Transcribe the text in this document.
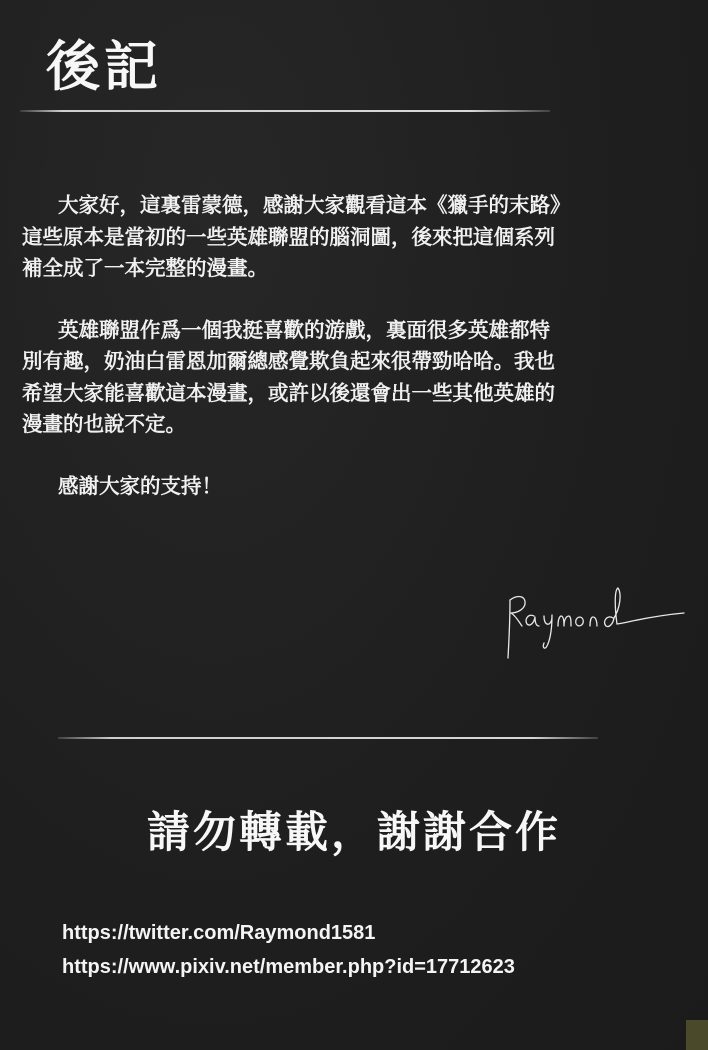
後記

大家好，這裏雷蒙德，感謝大家觀看這本《獵手的末路》
這些原本是當初的一些英雄聯盟的腦洞圖，後來把這個系列
補全成了一本完整的漫畫。

英雄聯盟作爲一個我挺喜歡的游戲，裏面很多英雄都特
別有趣，奶油白雷恩加爾總感覺欺負起來很帶勁哈哈。我也
希望大家能喜歡這本漫畫，或許以後還會出一些其他英雄的
漫畫的也說不定。

感謝大家的支持！

請勿轉載，謝謝合作
https://twitter.com/Raymond1581
https://www.pixiv.net/member.php?id=17712623
